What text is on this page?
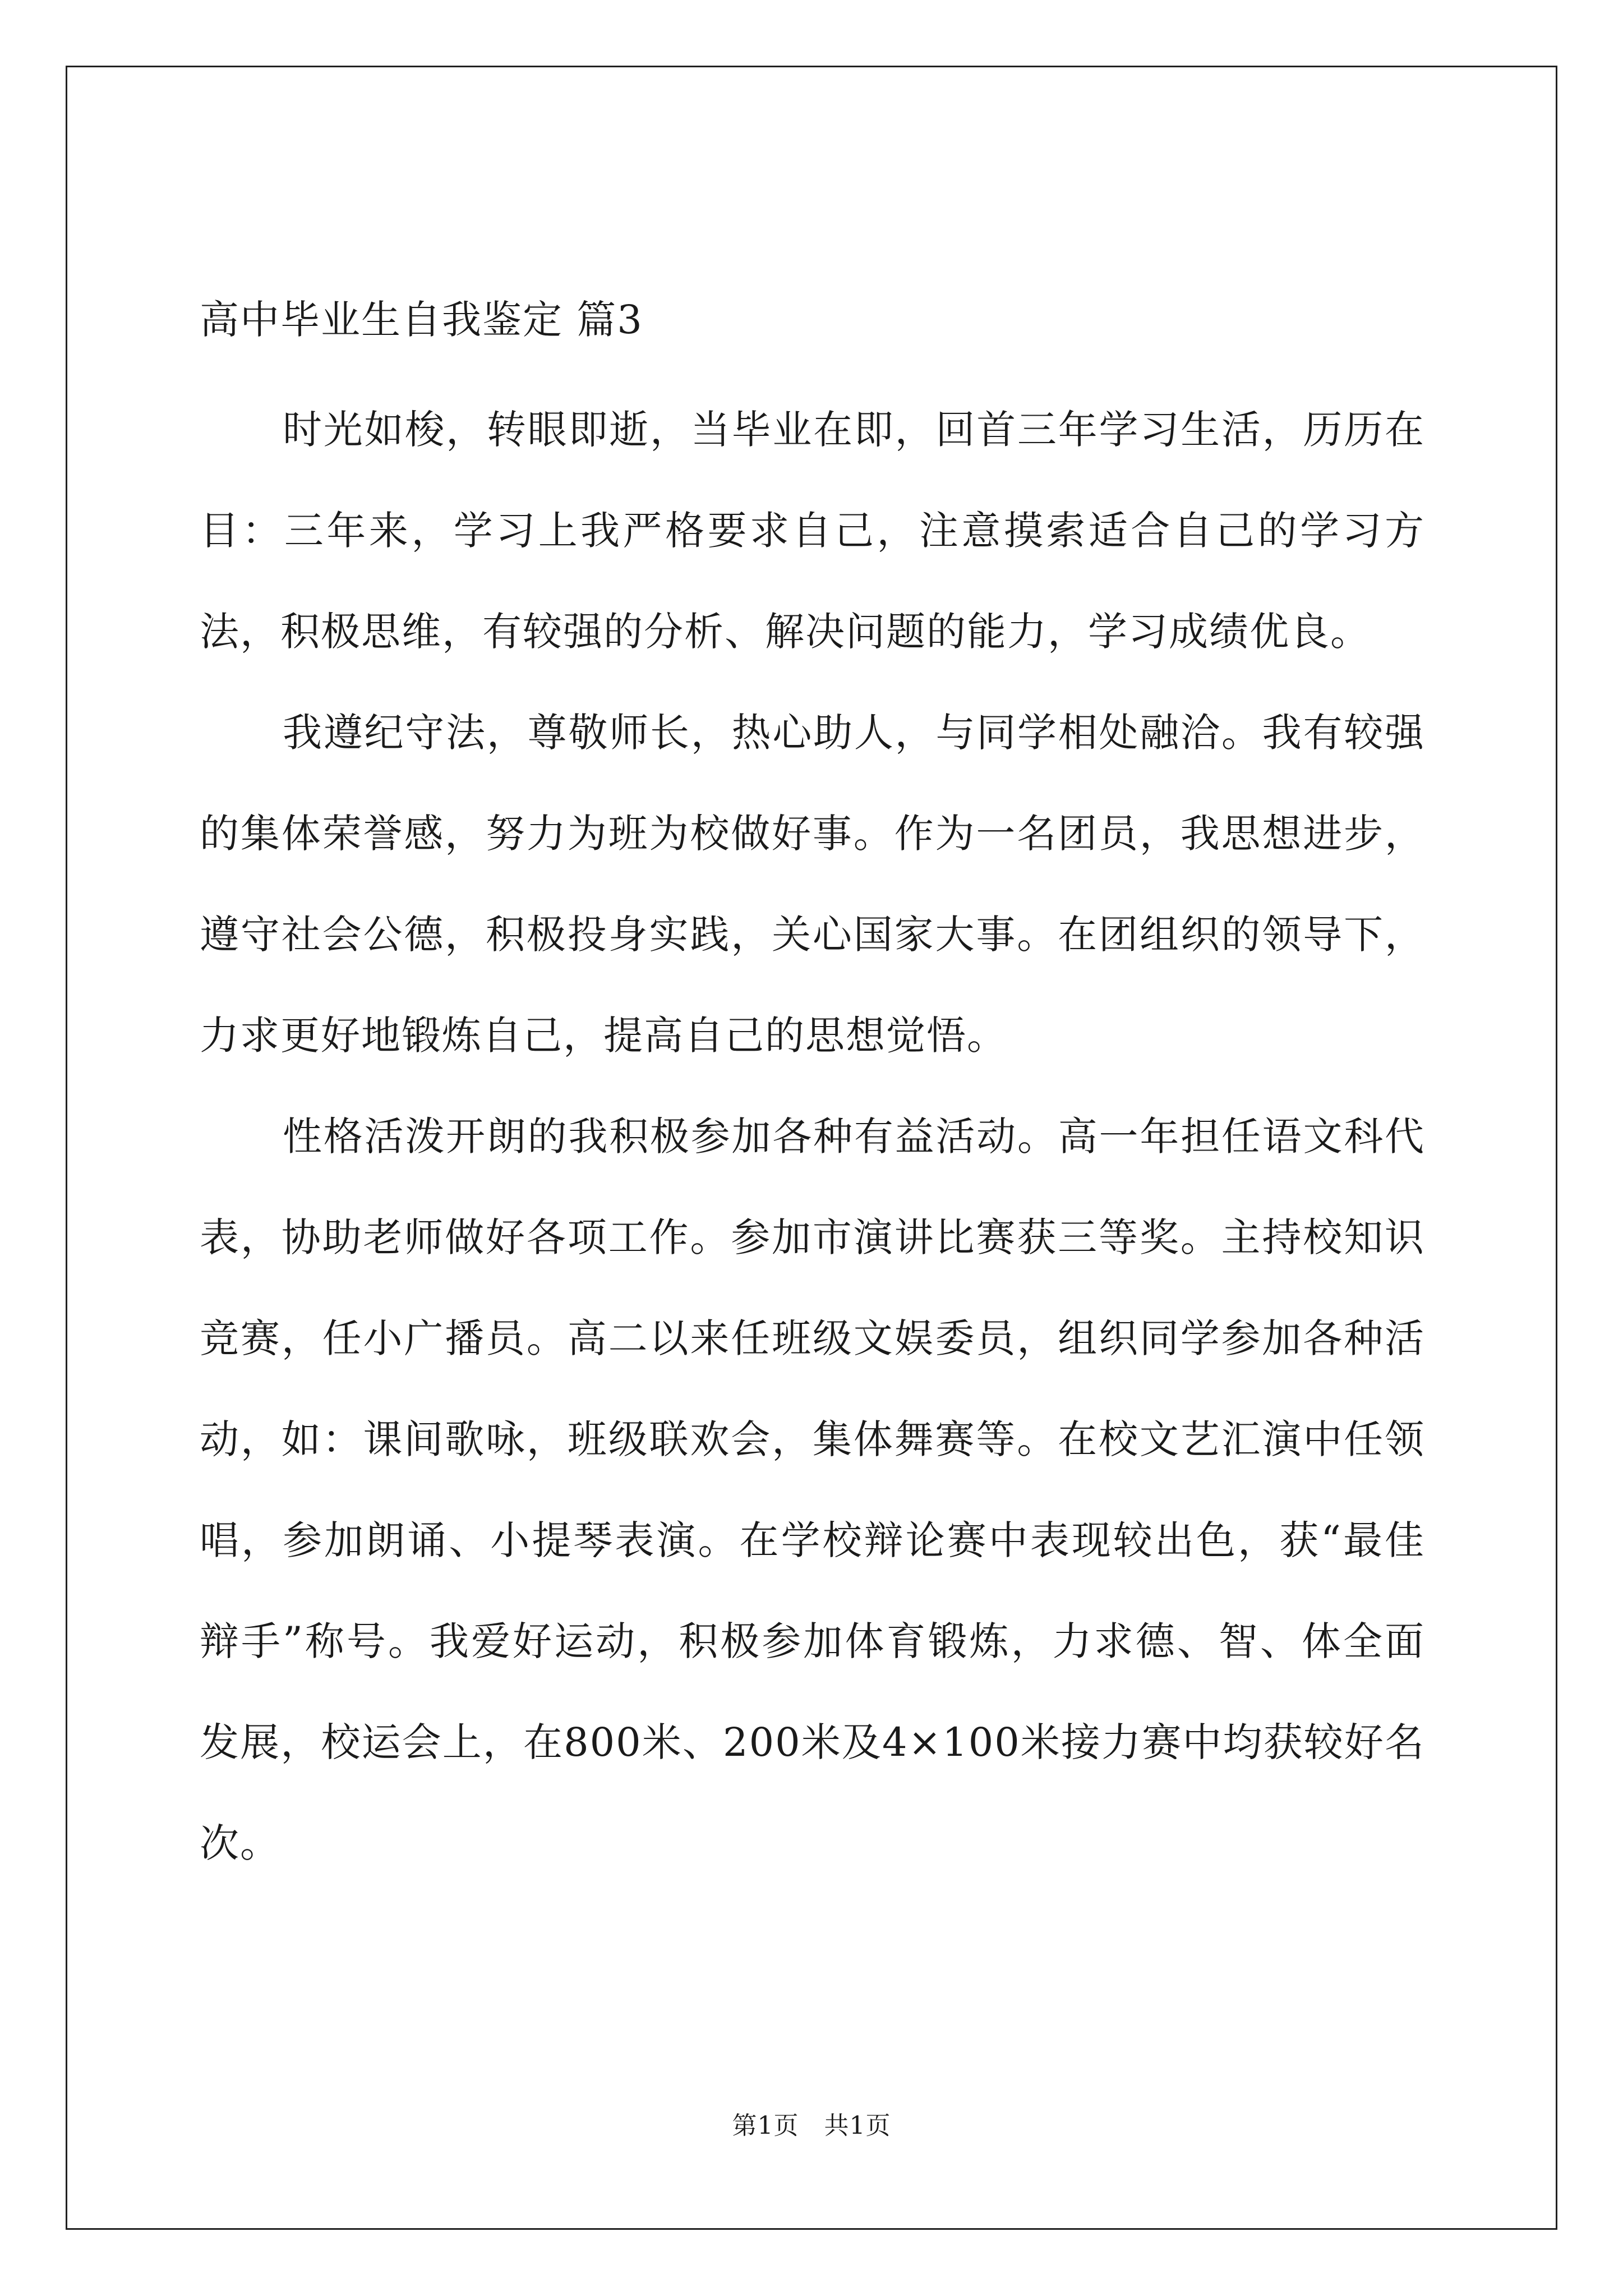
高中毕业生自我鉴定 篇3

时光如梭，转眼即逝，当毕业在即，回首三年学习生活，历历在目：三年来，学习上我严格要求自己，注意摸索适合自己的学习方法，积极思维，有较强的分析、解决问题的能力，学习成绩优良。

我遵纪守法，尊敬师长，热心助人，与同学相处融洽。我有较强的集体荣誉感，努力为班为校做好事。作为一名团员，我思想进步，遵守社会公德，积极投身实践，关心国家大事。在团组织的领导下，力求更好地锻炼自己，提高自己的思想觉悟。

性格活泼开朗的我积极参加各种有益活动。高一年担任语文科代表，协助老师做好各项工作。参加市演讲比赛获三等奖。主持校知识竞赛，任小广播员。高二以来任班级文娱委员，组织同学参加各种活动，如：课间歌咏，班级联欢会，集体舞赛等。在校文艺汇演中任领唱，参加朗诵、小提琴表演。在学校辩论赛中表现较出色，获“最佳辩手”称号。我爱好运动，积极参加体育锻炼，力求德、智、体全面发展，校运会上，在800米、200米及4×100米接力赛中均获较好名次。

第1页　共1页
